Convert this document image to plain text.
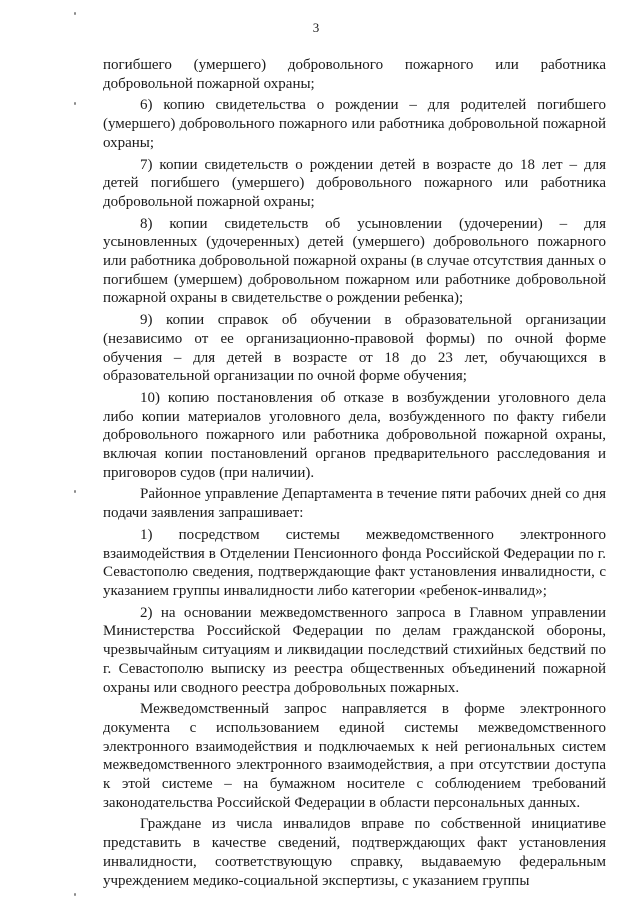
3

погибшего (умершего) добровольного пожарного или работника добровольной пожарной охраны;

6) копию свидетельства о рождении – для родителей погибшего (умершего) добровольного пожарного или работника добровольной пожарной охраны;

7) копии свидетельств о рождении детей в возрасте до 18 лет – для детей погибшего (умершего) добровольного пожарного или работника добровольной пожарной охраны;

8) копии свидетельств об усыновлении (удочерении) – для усыновленных (удочеренных) детей (умершего) добровольного пожарного или работника добровольной пожарной охраны (в случае отсутствия данных о погибшем (умершем) добровольном пожарном или работнике добровольной пожарной охраны в свидетельстве о рождении ребенка);

9) копии справок об обучении в образовательной организации (независимо от ее организационно-правовой формы) по очной форме обучения – для детей в возрасте от 18 до 23 лет, обучающихся в образовательной организации по очной форме обучения;

10) копию постановления об отказе в возбуждении уголовного дела либо копии материалов уголовного дела, возбужденного по факту гибели добровольного пожарного или работника добровольной пожарной охраны, включая копии постановлений органов предварительного расследования и приговоров судов (при наличии).

Районное управление Департамента в течение пяти рабочих дней со дня подачи заявления запрашивает:

1) посредством системы межведомственного электронного взаимодействия в Отделении Пенсионного фонда Российской Федерации по г. Севастополю сведения, подтверждающие факт установления инвалидности, с указанием группы инвалидности либо категории «ребенок-инвалид»;

2) на основании межведомственного запроса в Главном управлении Министерства Российской Федерации по делам гражданской обороны, чрезвычайным ситуациям и ликвидации последствий стихийных бедствий по г. Севастополю выписку из реестра общественных объединений пожарной охраны или сводного реестра добровольных пожарных.

Межведомственный запрос направляется в форме электронного документа с использованием единой системы межведомственного электронного взаимодействия и подключаемых к ней региональных систем межведомственного электронного взаимодействия, а при отсутствии доступа к этой системе – на бумажном носителе с соблюдением требований законодательства Российской Федерации в области персональных данных.

Граждане из числа инвалидов вправе по собственной инициативе представить в качестве сведений, подтверждающих факт установления инвалидности, соответствующую справку, выдаваемую федеральным учреждением медико-социальной экспертизы, с указанием группы
